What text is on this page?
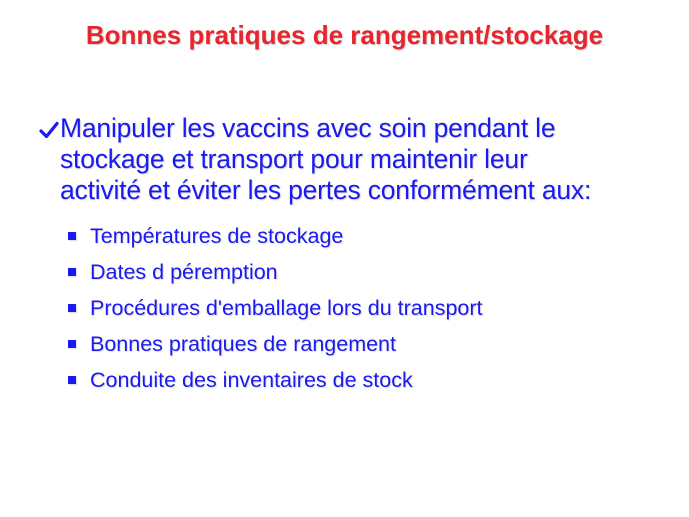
Bonnes pratiques de rangement/stockage
Manipuler les vaccins avec soin pendant le
stockage et transport pour maintenir leur
activité et éviter les pertes conformément aux:
Températures de stockage
Dates d péremption
Procédures d'emballage lors du transport
Bonnes pratiques de rangement
Conduite des inventaires de stock
